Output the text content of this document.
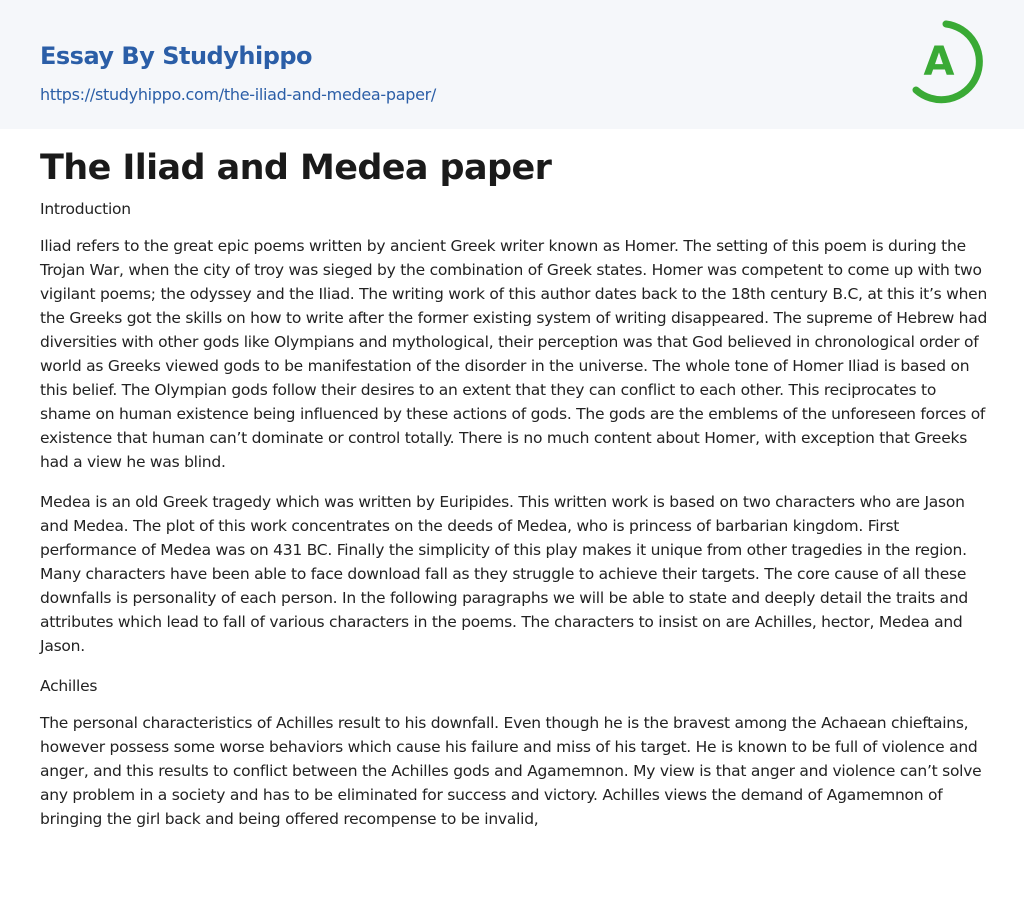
Essay By Studyhippo
https://studyhippo.com/the-iliad-and-medea-paper/
A
The Iliad and Medea paper

Introduction

Iliad refers to the great epic poems written by ancient Greek writer known as Homer. The setting of this poem is during the Trojan War, when the city of troy was sieged by the combination of Greek states. Homer was competent to come up with two vigilant poems; the odyssey and the Iliad. The writing work of this author dates back to the 18th century B.C, at this it’s when the Greeks got the skills on how to write after the former existing system of writing disappeared. The supreme of Hebrew had diversities with other gods like Olympians and mythological, their perception was that God believed in chronological order of world as Greeks viewed gods to be manifestation of the disorder in the universe. The whole tone of Homer Iliad is based on this belief. The Olympian gods follow their desires to an extent that they can conflict to each other. This reciprocates to shame on human existence being influenced by these actions of gods. The gods are the emblems of the unforeseen forces of existence that human can’t dominate or control totally. There is no much content about Homer, with exception that Greeks had a view he was blind.

Medea is an old Greek tragedy which was written by Euripides. This written work is based on two characters who are Jason and Medea. The plot of this work concentrates on the deeds of Medea, who is princess of barbarian kingdom. First performance of Medea was on 431 BC. Finally the simplicity of this play makes it unique from other tragedies in the region. Many characters have been able to face download fall as they struggle to achieve their targets. The core cause of all these downfalls is personality of each person. In the following paragraphs we will be able to state and deeply detail the traits and attributes which lead to fall of various characters in the poems. The characters to insist on are Achilles, hector, Medea and Jason.

Achilles

The personal characteristics of Achilles result to his downfall. Even though he is the bravest among the Achaean chieftains, however possess some worse behaviors which cause his failure and miss of his target. He is known to be full of violence and anger, and this results to conflict between the Achilles gods and Agamemnon. My view is that anger and violence can’t solve any problem in a society and has to be eliminated for success and victory. Achilles views the demand of Agamemnon of bringing the girl back and being offered recompense to be invalid,
